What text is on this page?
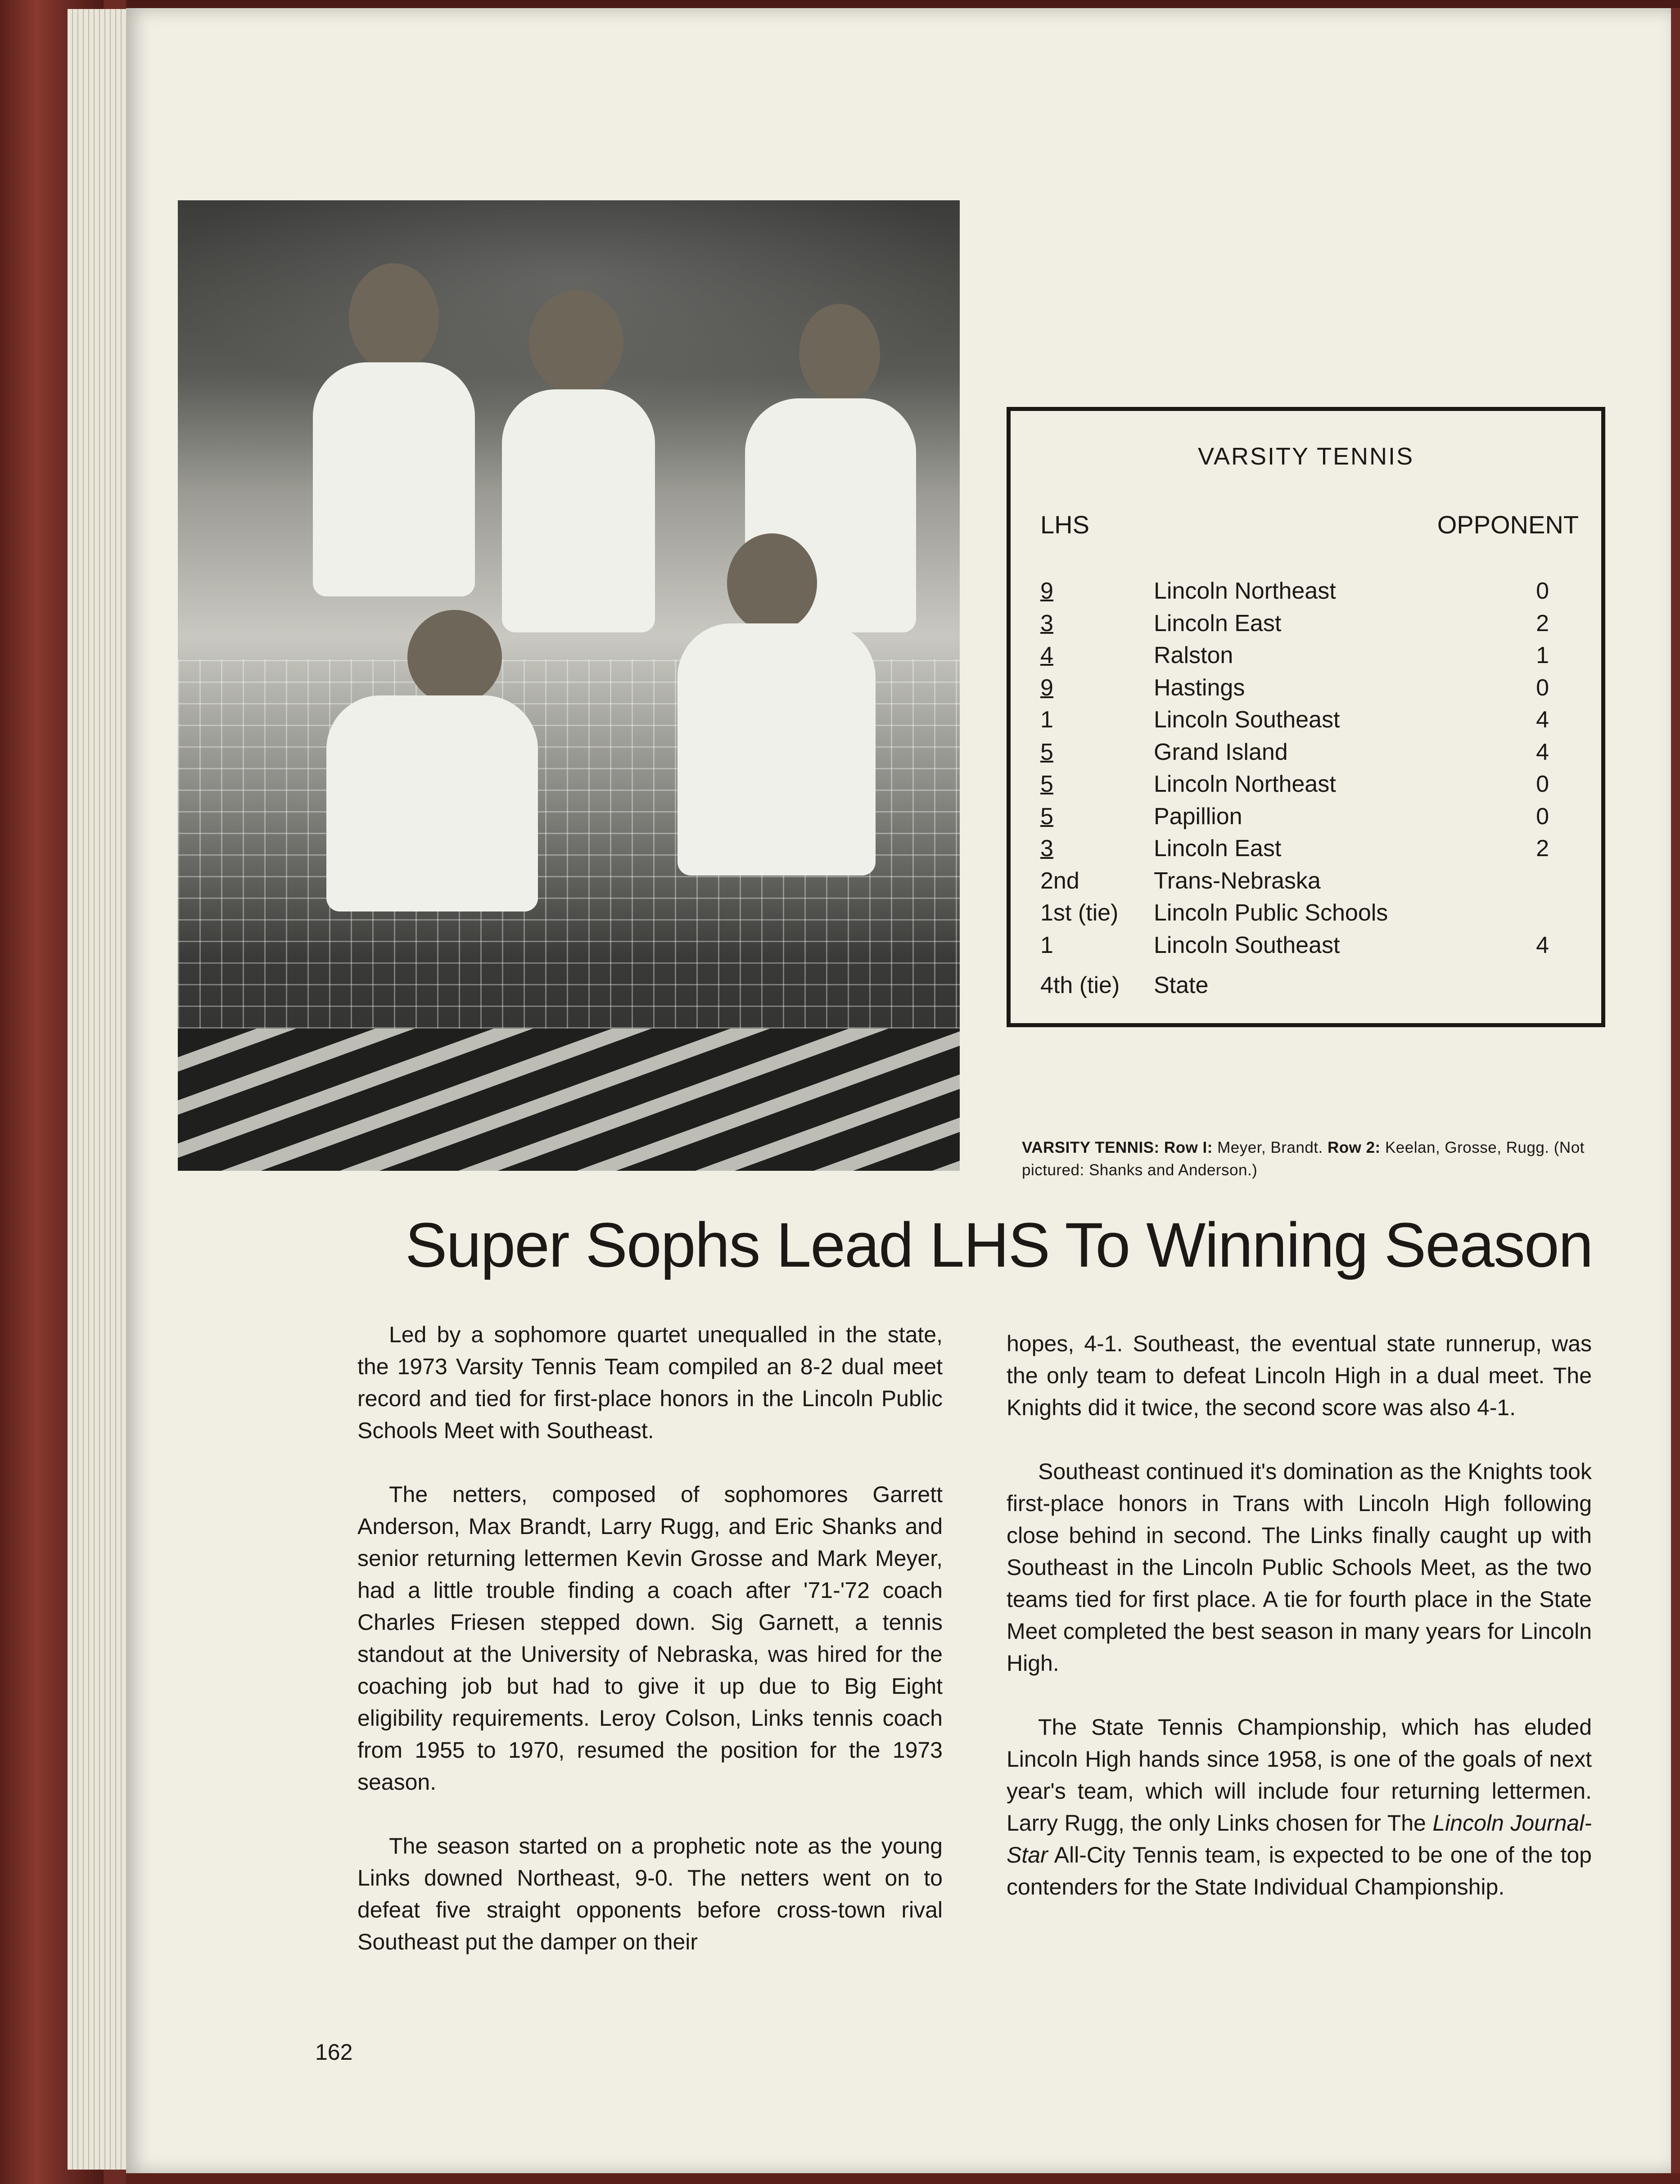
VARSITY TENNIS
LHS	OPPONENT
9	Lincoln Northeast	0
3	Lincoln East	2
4	Ralston	1
9	Hastings	0
1	Lincoln Southeast	4
5	Grand Island	4
5	Lincoln Northeast	0
5	Papillion	0
3	Lincoln East	2
2nd	Trans-Nebraska
1st (tie) Lincoln Public Schools
1	Lincoln Southeast	4
4th (tie) State
VARSITY TENNIS: Row I: Meyer, Brandt. Row 2: Keelan, Grosse, Rugg. (Not pictured: Shanks and Anderson.)
Super Sophs Lead LHS To Winning Season

Led by a sophomore quartet unequalled in the state, the 1973 Varsity Tennis Team compiled an 8-2 dual meet record and tied for first-place honors in the Lincoln Public Schools Meet with Southeast.

The netters, composed of sophomores Garrett Anderson, Max Brandt, Larry Rugg, and Eric Shanks and senior returning lettermen Kevin Grosse and Mark Meyer, had a little trouble finding a coach after '71-'72 coach Charles Friesen stepped down. Sig Garnett, a tennis standout at the University of Nebraska, was hired for the coaching job but had to give it up due to Big Eight eligibility requirements. Leroy Colson, Links tennis coach from 1955 to 1970, resumed the position for the 1973 season.

The season started on a prophetic note as the young Links downed Northeast, 9-0. The netters went on to defeat five straight opponents before cross-town rival Southeast put the damper on their

hopes, 4-1. Southeast, the eventual state runnerup, was the only team to defeat Lincoln High in a dual meet. The Knights did it twice, the second score was also 4-1.

Southeast continued it's domination as the Knights took first-place honors in Trans with Lincoln High following close behind in second. The Links finally caught up with Southeast in the Lincoln Public Schools Meet, as the two teams tied for first place. A tie for fourth place in the State Meet completed the best season in many years for Lincoln High.

The State Tennis Championship, which has eluded Lincoln High hands since 1958, is one of the goals of next year's team, which will include four returning lettermen. Larry Rugg, the only Links chosen for The Lincoln Journal-Star All-City Tennis team, is expected to be one of the top contenders for the State Individual Championship.

162
